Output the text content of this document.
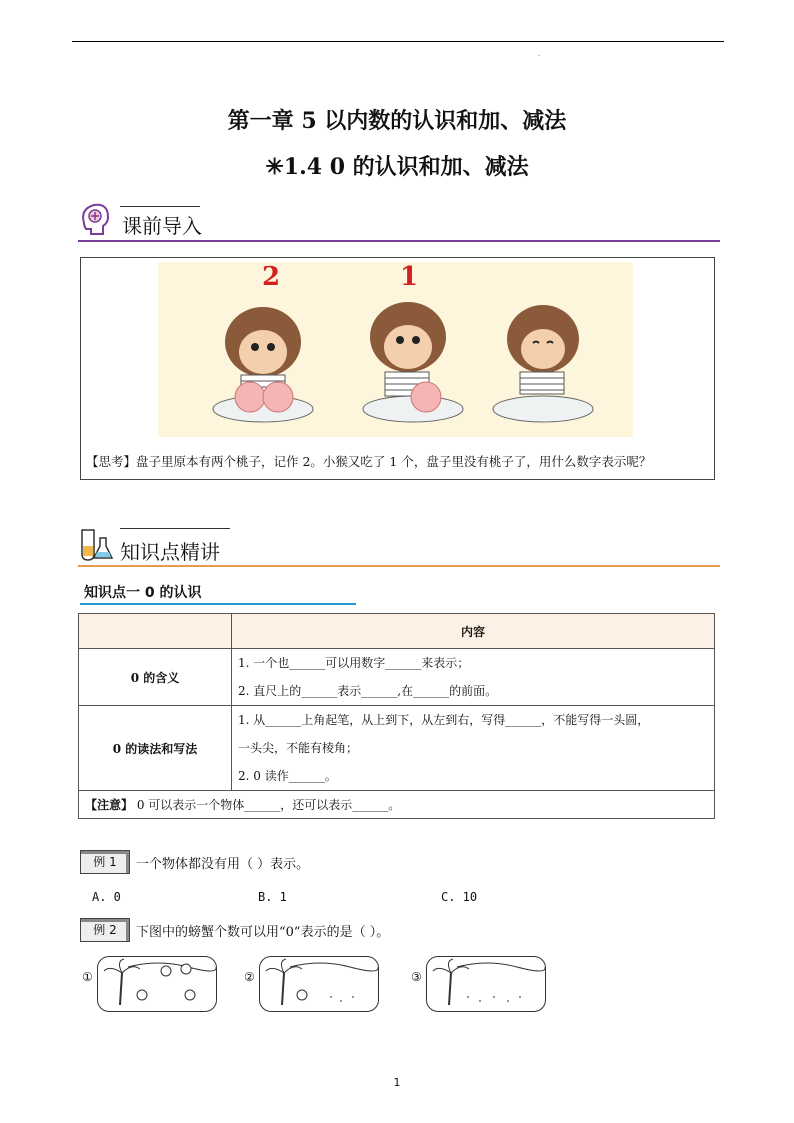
·
第一章 5 以内数的认识和加、减法
✳1.4 0 的认识和加、减法
课前导入
2	1
【思考】盘子里原本有两个桃子，记作 2。小猴又吃了 1 个，盘子里没有桃子了，用什么数字表示呢？
知识点精讲
知识点一 0 的认识
	内容
0 的含义	1. 一个也______可以用数字______来表示；
2. 直尺上的______表示______,在______的前面。

0 的读法和写法	1. 从______上角起笔，从上到下，从左到右，写得______，不能写得一头圆，
一头尖，不能有棱角；
2. 0 读作______。

【注意】 0 可以表示一个物体______，还可以表示______。	
例 1	一个物体都没有用（ ）表示。
A. 0	B. 1	C. 10
例 2	下图中的螃蟹个数可以用“0”表示的是（ ）。
①	②	③
1
